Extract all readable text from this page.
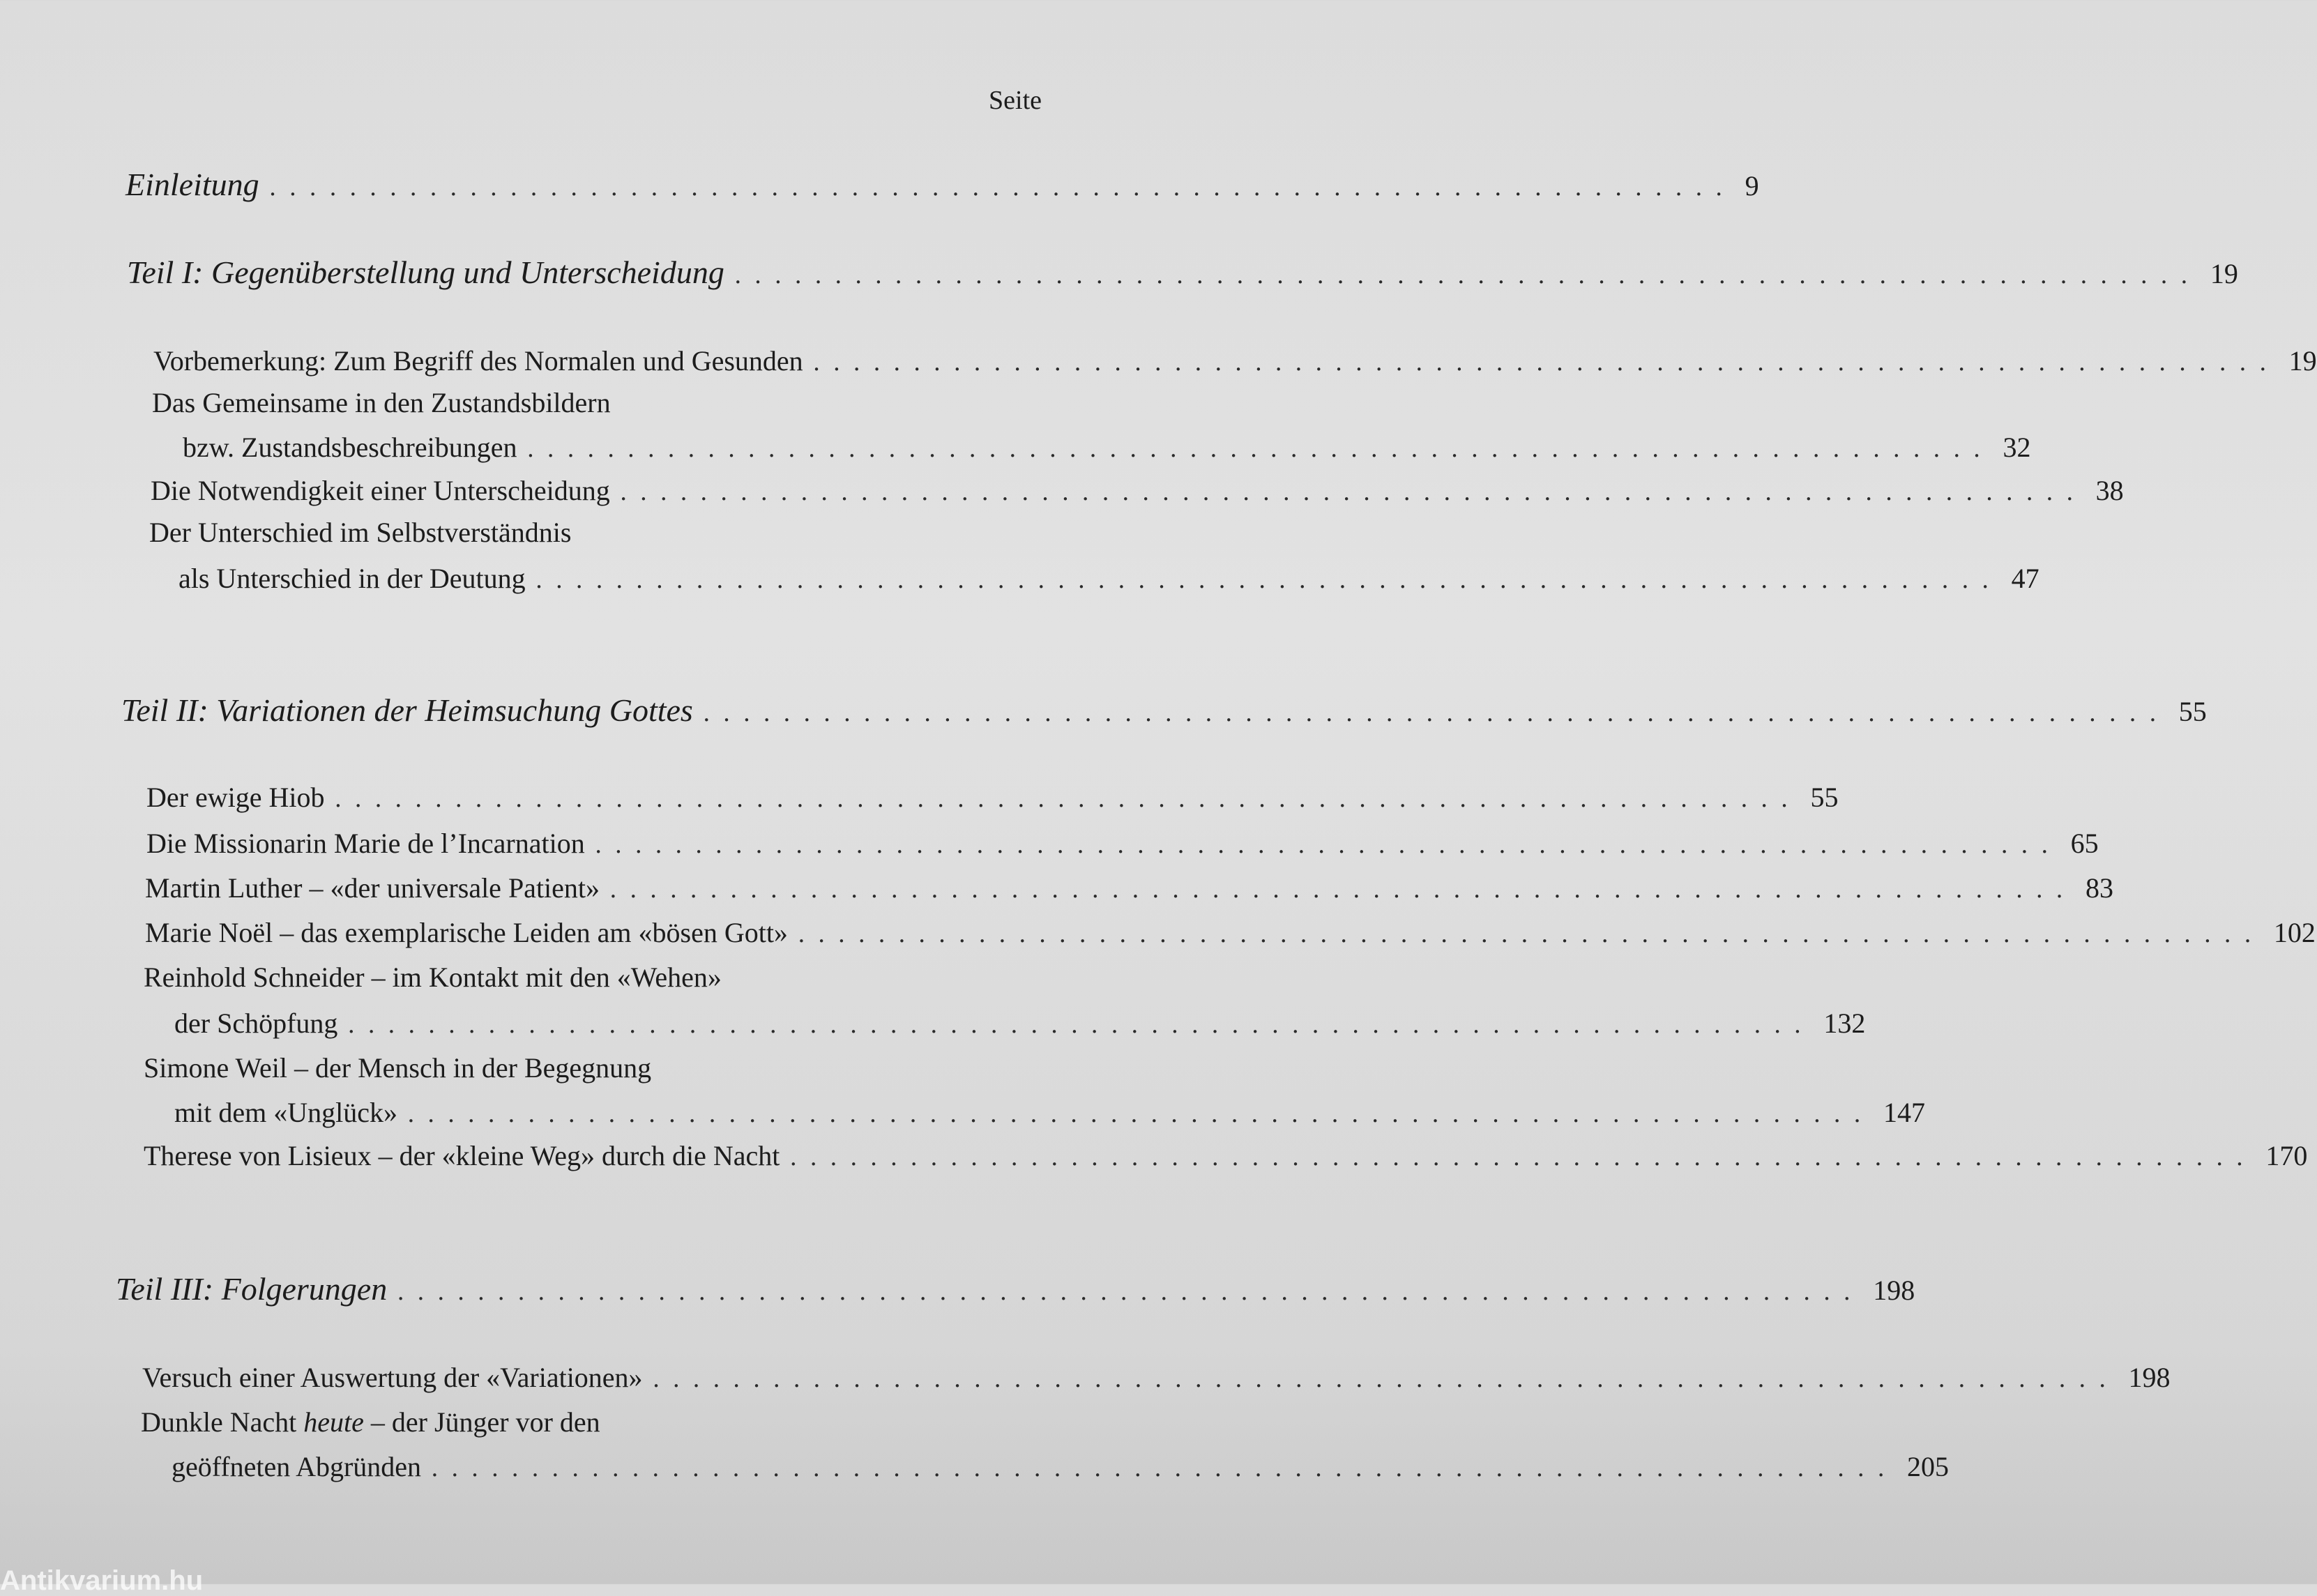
Seite
Einleitung ......................................................................... 9
Teil I: Gegenüberstellung und Unterscheidung ......................................................................... 19
Vorbemerkung: Zum Begriff des Normalen und Gesunden ......................................................................... 19
Das Gemeinsame in den Zustandsbildern
bzw. Zustandsbeschreibungen ......................................................................... 32
Die Notwendigkeit einer Unterscheidung ......................................................................... 38
Der Unterschied im Selbstverständnis
als Unterschied in der Deutung ......................................................................... 47
Teil II: Variationen der Heimsuchung Gottes ......................................................................... 55
Der ewige Hiob ......................................................................... 55
Die Missionarin Marie de l’Incarnation ......................................................................... 65
Martin Luther – «der universale Patient» ......................................................................... 83
Marie Noël – das exemplarische Leiden am «bösen Gott» ......................................................................... 102
Reinhold Schneider – im Kontakt mit den «Wehen»
der Schöpfung ......................................................................... 132
Simone Weil – der Mensch in der Begegnung
mit dem «Unglück» ......................................................................... 147
Therese von Lisieux – der «kleine Weg» durch die Nacht ......................................................................... 170
Teil III: Folgerungen ......................................................................... 198
Versuch einer Auswertung der «Variationen» ......................................................................... 198
Dunkle Nacht heute – der Jünger vor den
geöffneten Abgründen ......................................................................... 205
Antikvarium.hu
